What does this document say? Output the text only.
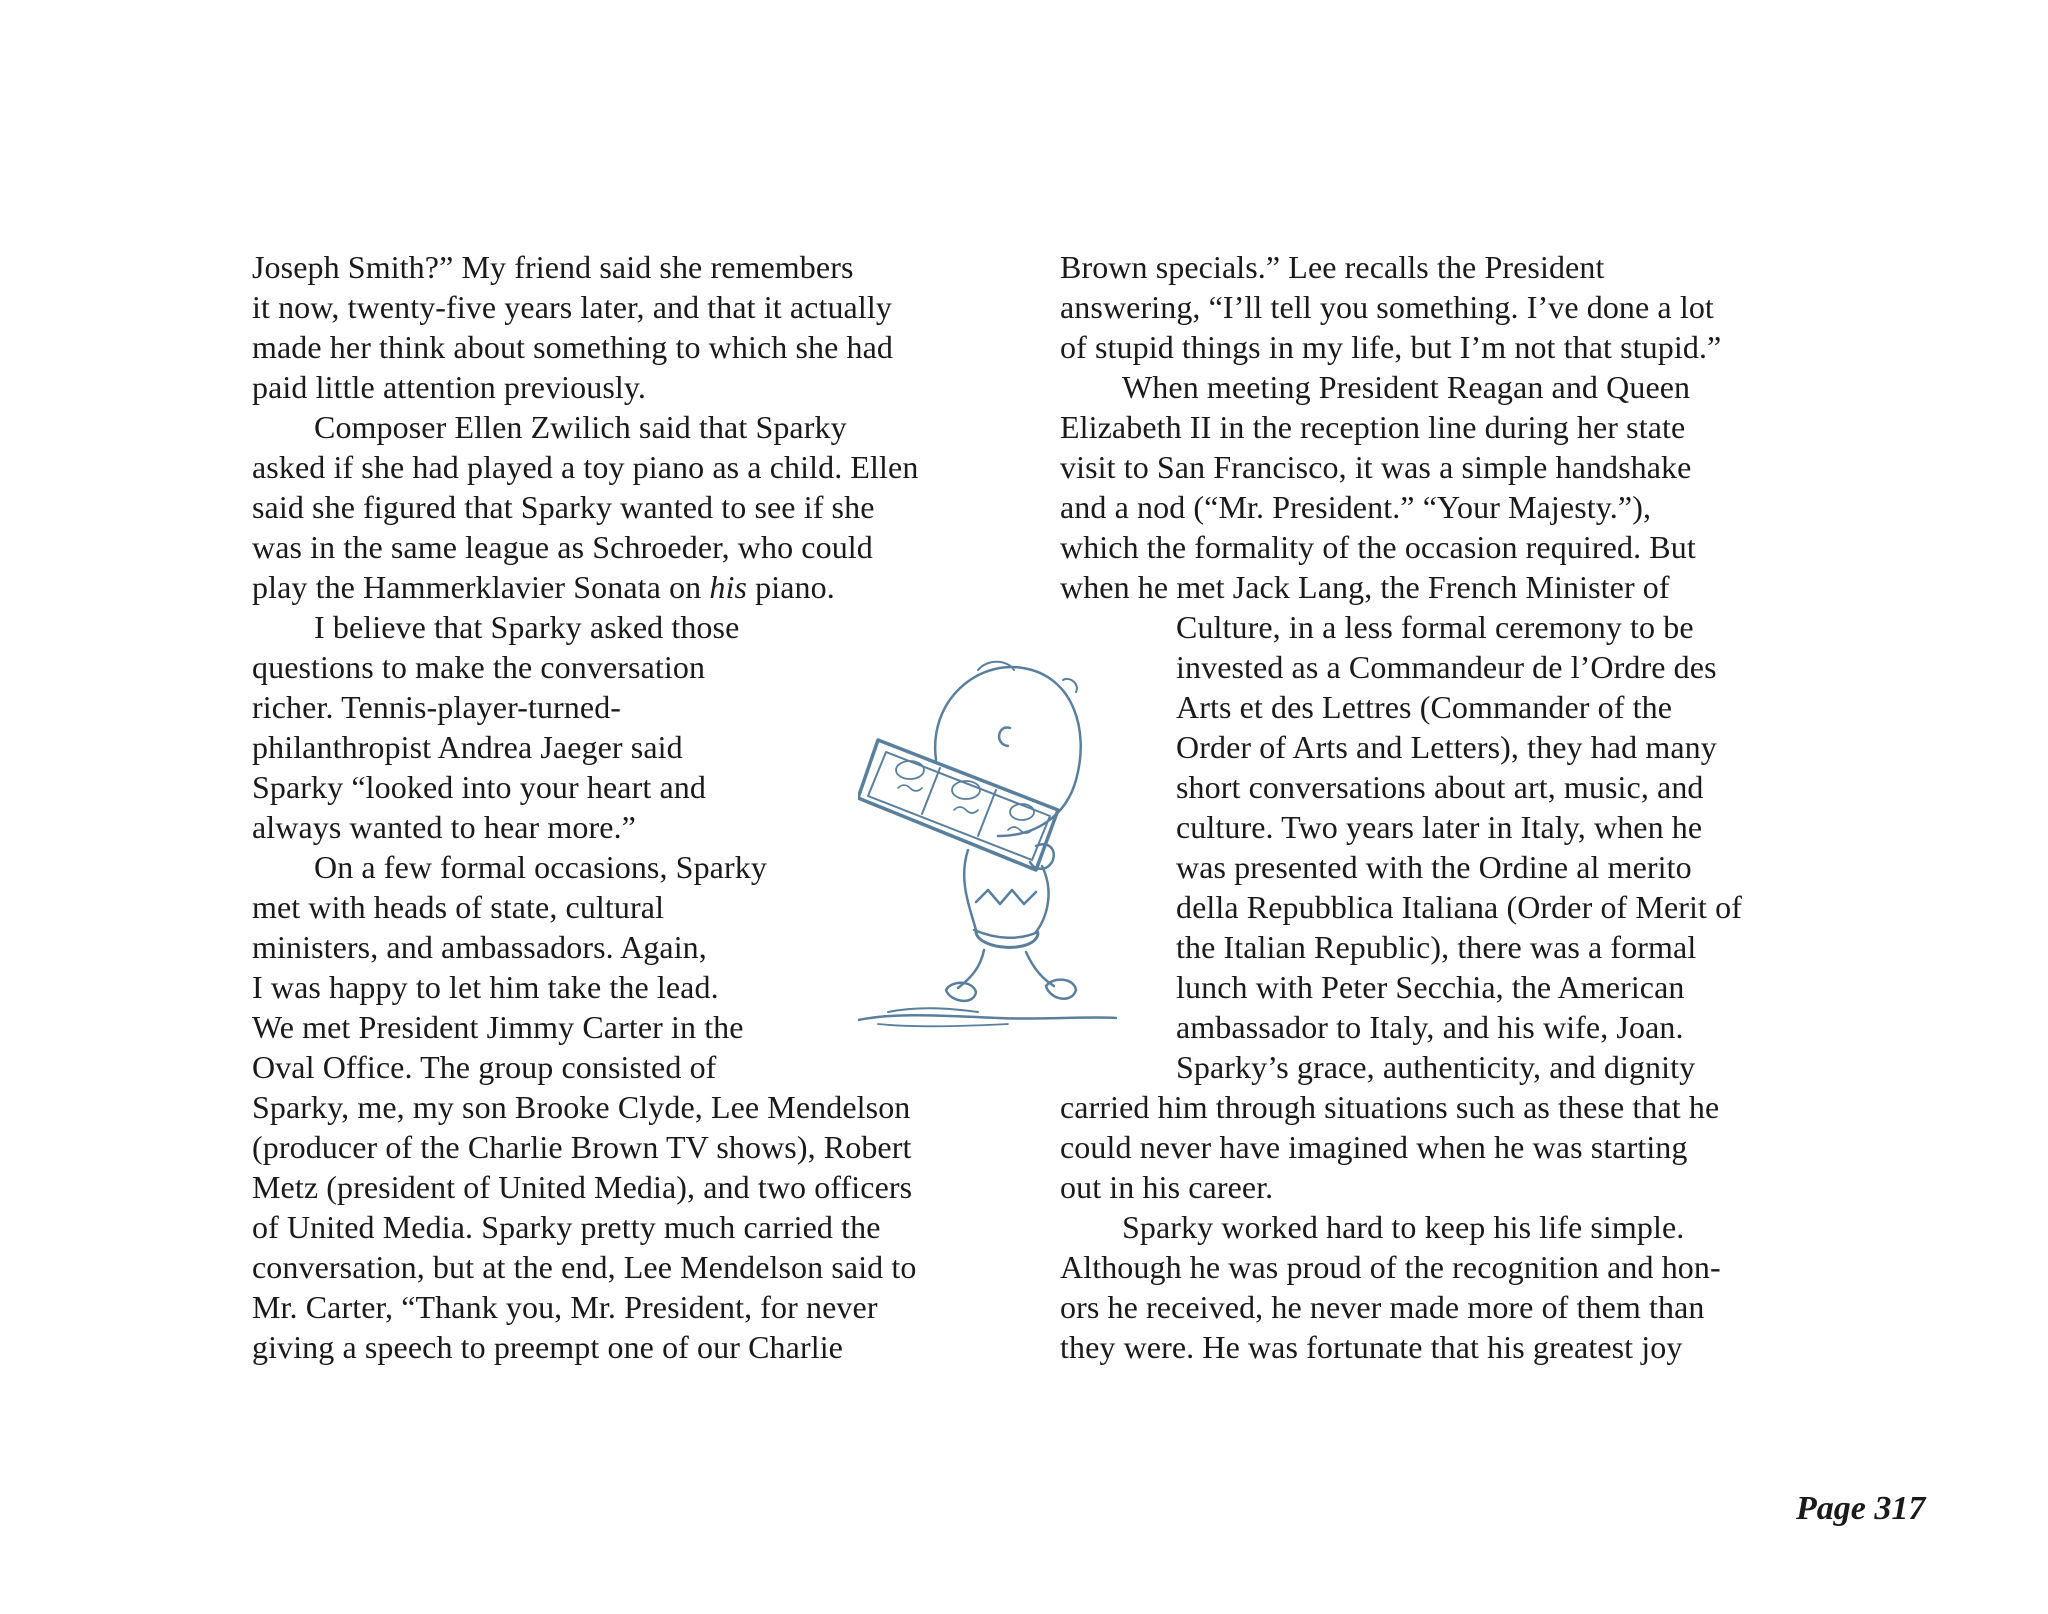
Joseph Smith?” My friend said she remembers
it now, twenty-five years later, and that it actually
made her think about something to which she had
paid little attention previously.
Composer Ellen Zwilich said that Sparky
asked if she had played a toy piano as a child. Ellen
said she figured that Sparky wanted to see if she
was in the same league as Schroeder, who could
play the Hammerklavier Sonata on his piano.
I believe that Sparky asked those
questions to make the conversation
richer. Tennis-player-turned-
philanthropist Andrea Jaeger said
Sparky “looked into your heart and
always wanted to hear more.”
On a few formal occasions, Sparky
met with heads of state, cultural
ministers, and ambassadors. Again,
I was happy to let him take the lead.
We met President Jimmy Carter in the
Oval Office. The group consisted of
Sparky, me, my son Brooke Clyde, Lee Mendelson
(producer of the Charlie Brown TV shows), Robert
Metz (president of United Media), and two officers
of United Media. Sparky pretty much carried the
conversation, but at the end, Lee Mendelson said to
Mr. Carter, “Thank you, Mr. President, for never
giving a speech to preempt one of our Charlie
Brown specials.” Lee recalls the President
answering, “I’ll tell you something. I’ve done a lot
of stupid things in my life, but I’m not that stupid.”
When meeting President Reagan and Queen
Elizabeth II in the reception line during her state
visit to San Francisco, it was a simple handshake
and a nod (“Mr. President.” “Your Majesty.”),
which the formality of the occasion required. But
when he met Jack Lang, the French Minister of
Culture, in a less formal ceremony to be
invested as a Commandeur de l’Ordre des
Arts et des Lettres (Commander of the
Order of Arts and Letters), they had many
short conversations about art, music, and
culture. Two years later in Italy, when he
was presented with the Ordine al merito
della Repubblica Italiana (Order of Merit of
the Italian Republic), there was a formal
lunch with Peter Secchia, the American
ambassador to Italy, and his wife, Joan.
Sparky’s grace, authenticity, and dignity
carried him through situations such as these that he
could never have imagined when he was starting
out in his career.
Sparky worked hard to keep his life simple.
Although he was proud of the recognition and hon-
ors he received, he never made more of them than
they were. He was fortunate that his greatest joy
Page 317
